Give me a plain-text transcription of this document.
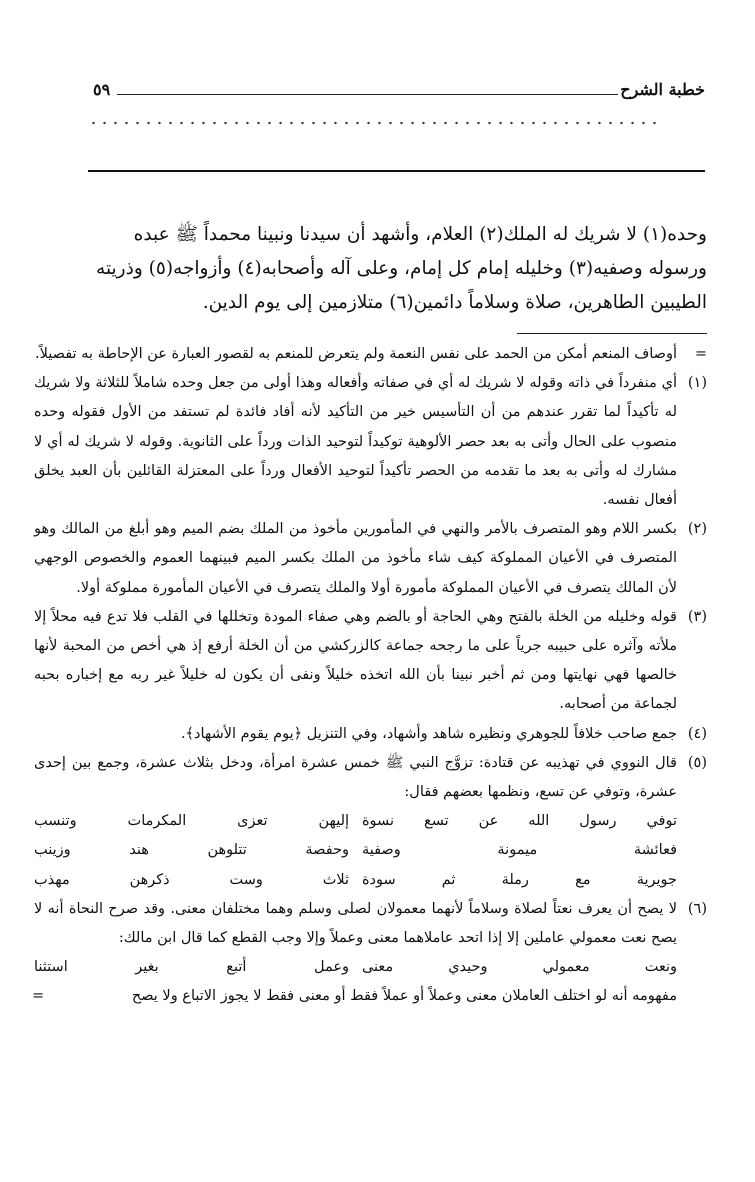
خطبة الشرح
٥٩

وحده(١) لا شريك له الملك(٢) العلام، وأشهد أن سيدنا ونبينا محمداً ﷺ عبده

ورسوله وصفيه(٣) وخليله إمام كل إمام، وعلى آله وأصحابه(٤) وأزواجه(٥) وذريته

الطيبين الطاهرين، صلاة وسلاماً دائمين(٦) متلازمين إلى يوم الدين.

=
أوصاف المنعم أمكن من الحمد على نفس النعمة ولم يتعرض للمنعم به لقصور العبارة عن الإحاطة به تفصيلاً.

(١)
أي منفرداً في ذاته وقوله لا شريك له أي في صفاته وأفعاله وهذا أولى من جعل وحده شاملاً للثلاثة ولا شريك له تأكيداً لما تقرر عندهم من أن التأسيس خير من التأكيد لأنه أفاد فائدة لم تستفد من الأول فقوله وحده منصوب على الحال وأتى به بعد حصر الألوهية توكيداً لتوحيد الذات ورداً على الثانوية. وقوله لا شريك له أي لا مشارك له وأتى به بعد ما تقدمه من الحصر تأكيداً لتوحيد الأفعال ورداً على المعتزلة القائلين بأن العبد يخلق أفعال نفسه.

(٢)
بكسر اللام وهو المتصرف بالأمر والنهي في المأمورين مأخوذ من الملك بضم الميم وهو أبلغ من المالك وهو المتصرف في الأعيان المملوكة كيف شاء مأخوذ من الملك بكسر الميم فبينهما العموم والخصوص الوجهي لأن المالك يتصرف في الأعيان المملوكة مأمورة أولا والملك يتصرف في الأعيان المأمورة مملوكة أولا.

(٣)
قوله وخليله من الخلة بالفتح وهي الحاجة أو بالضم وهي صفاء المودة وتخللها في القلب فلا تدع فيه محلاً إلا ملأته وآثره على حبيبه جرياً على ما رجحه جماعة كالزركشي من أن الخلة أرفع إذ هي أخص من المحبة لأنها خالصها فهي نهايتها ومن ثم أخبر نبينا بأن الله اتخذه خليلاً ونفى أن يكون له خليلاً غير ربه مع إخباره بحبه لجماعة من أصحابه.

(٤)
جمع صاحب خلافاً للجوهري ونظيره شاهد وأشهاد، وفي التنزيل ﴿يوم يقوم الأشهاد﴾.

(٥)
قال النووي في تهذيبه عن قتادة: تزوَّج النبي ﷺ خمس عشرة امرأة، ودخل بثلاث عشرة، وجمع بين إحدى عشرة، وتوفي عن تسع، ونظمها بعضهم فقال:

توفي رسول الله عن تسع نسوة
إليهن تعزى المكرمات وتنسب
فعائشة ميمونة وصفية
وحفصة تتلوهن هند وزينب
جويرية مع رملة ثم سودة
ثلاث وست ذكرهن مهذب

(٦)
لا يصح أن يعرف نعتاً لصلاة وسلاماً لأنهما معمولان لصلى وسلم وهما مختلفان معنى. وقد صرح النحاة أنه لا يصح نعت معمولي عاملين إلا إذا اتحد عاملاهما معنى وعملاً وإلا وجب القطع كما قال ابن مالك:

ونعت معمولي وحيدي معنى
وعمل أتبع بغير استثنا

مفهومه أنه لو اختلف العاملان معنى وعملاً أو عملاً فقط أو معنى فقط لا يجوز الاتباع ولا يصح
=
